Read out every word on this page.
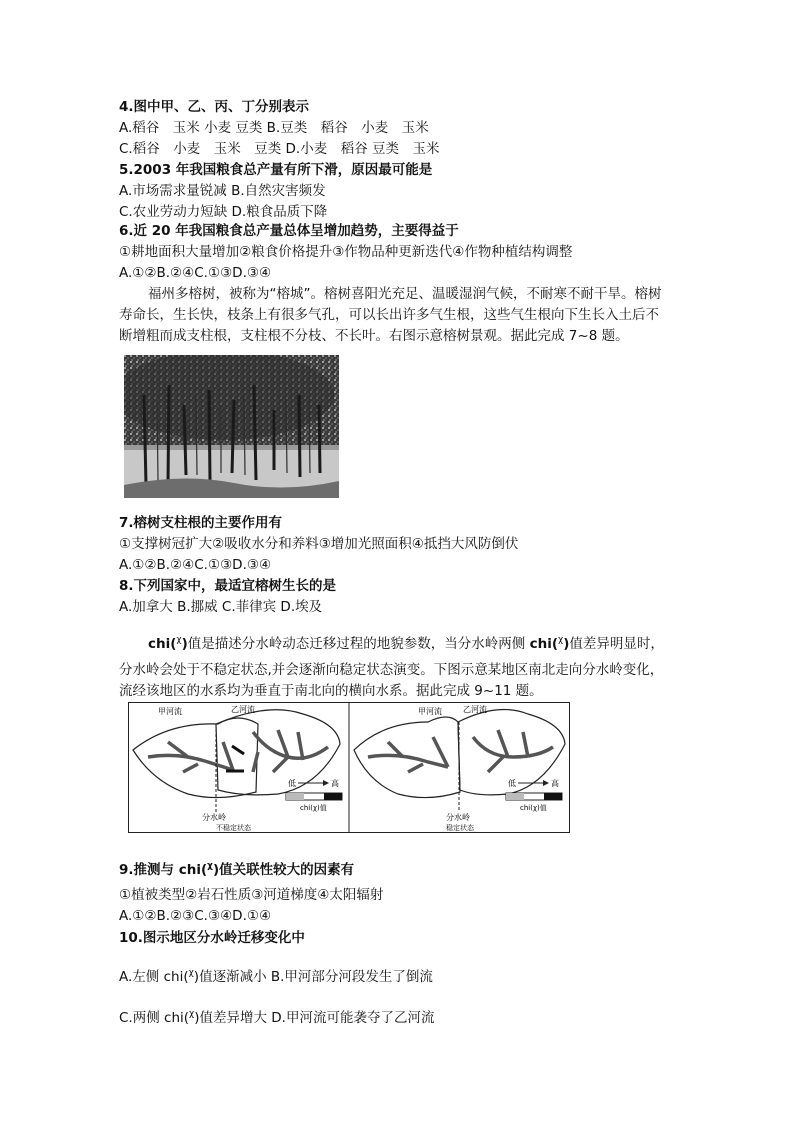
4.图中甲、乙、丙、丁分别表示
A.稻谷　玉米 小麦 豆类 B.豆类　稻谷　小麦　玉米
C.稻谷　小麦　玉米　豆类 D.小麦　稻谷 豆类　玉米
5.2003 年我国粮食总产量有所下滑，原因最可能是
A.市场需求量锐减 B.自然灾害频发
C.农业劳动力短缺 D.粮食品质下降
6.近 20 年我国粮食总产量总体呈增加趋势，主要得益于
①耕地面积大量增加②粮食价格提升③作物品种更新迭代④作物种植结构调整
A.①②B.②④C.①③D.③④
福州多榕树，被称为“榕城”。榕树喜阳光充足、温暖湿润气候，不耐寒不耐干旱。榕树
寿命长，生长快，枝条上有很多气孔，可以长出许多气生根，这些气生根向下生长入土后不
断增粗而成支柱根，支柱根不分枝、不长叶。右图示意榕树景观。据此完成 7~8 题。
7.榕树支柱根的主要作用有
①支撑树冠扩大②吸收水分和养料③增加光照面积④抵挡大风防倒伏
A.①②B.②④C.①③D.③④
8.下列国家中，最适宜榕树生长的是
A.加拿大 B.挪威 C.菲律宾 D.埃及
chi($^\chi$)值是描述分水岭动态迁移过程的地貌参数，当分水岭两侧 chi($^\chi$)值差异明显时，
分水岭会处于不稳定状态,并会逐渐向稳定状态演变。下图示意某地区南北走向分水岭变化，
流经该地区的水系均为垂直于南北向的横向水系。据此完成 9~11 题。
甲河流	乙河流
分水岭
不稳定状态
低	高
chi(χ)值
甲河流	乙河流
分水岭
稳定状态
低	高
chi(χ)值
9.推测与 chi($^\chi$)值关联性较大的因素有
①植被类型②岩石性质③河道梯度④太阳辐射
A.①②B.②③C.③④D.①④
10.图示地区分水岭迁移变化中
A.左侧 chi($^\chi$)值逐渐减小 B.甲河部分河段发生了倒流
C.两侧 chi($^\chi$)值差异增大 D.甲河流可能袭夺了乙河流
